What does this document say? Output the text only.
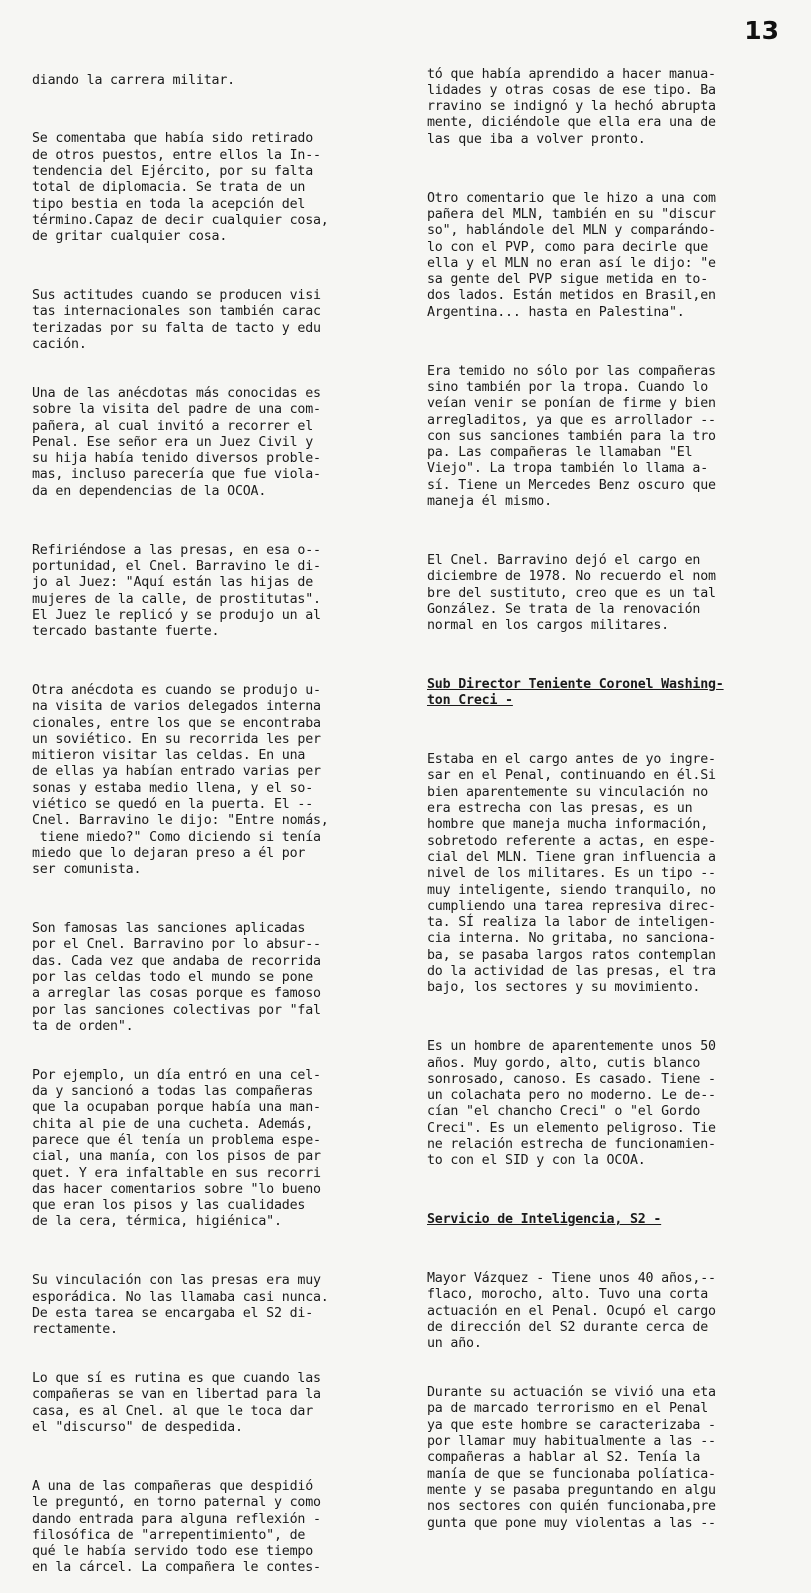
13

diando la carrera militar.

Se comentaba que había sido retirado
de otros puestos, entre ellos la In--
tendencia del Ejército, por su falta
total de diplomacia. Se trata de un
tipo bestia en toda la acepción del
término.Capaz de decir cualquier cosa,
de gritar cualquier cosa.

Sus actitudes cuando se producen visi
tas internacionales son también carac
terizadas por su falta de tacto y edu
cación.

Una de las anécdotas más conocidas es
sobre la visita del padre de una com-
pañera, al cual invitó a recorrer el
Penal. Ese señor era un Juez Civil y
su hija había tenido diversos proble-
mas, incluso parecería que fue viola-
da en dependencias de la OCOA.

Refiriéndose a las presas, en esa o--
portunidad, el Cnel. Barravino le di-
jo al Juez: "Aquí están las hijas de
mujeres de la calle, de prostitutas".
El Juez le replicó y se produjo un al
tercado bastante fuerte.

Otra anécdota es cuando se produjo u-
na visita de varios delegados interna
cionales, entre los que se encontraba
un soviético. En su recorrida les per
mitieron visitar las celdas. En una
de ellas ya habían entrado varias per
sonas y estaba medio llena, y el so-
viético se quedó en la puerta. El --
Cnel. Barravino le dijo: "Entre nomás,
tiene miedo?" Como diciendo si tenía
miedo que lo dejaran preso a él por
ser comunista.

Son famosas las sanciones aplicadas
por el Cnel. Barravino por lo absur--
das. Cada vez que andaba de recorrida
por las celdas todo el mundo se pone
a arreglar las cosas porque es famoso
por las sanciones colectivas por "fal
ta de orden".

Por ejemplo, un día entró en una cel-
da y sancionó a todas las compañeras
que la ocupaban porque había una man-
chita al pie de una cucheta. Además,
parece que él tenía un problema espe-
cial, una manía, con los pisos de par
quet. Y era infaltable en sus recorri
das hacer comentarios sobre "lo bueno
que eran los pisos y las cualidades
de la cera, térmica, higiénica".

Su vinculación con las presas era muy
esporádica. No las llamaba casi nunca.
De esta tarea se encargaba el S2 di-
rectamente.

Lo que sí es rutina es que cuando las
compañeras se van en libertad para la
casa, es al Cnel. al que le toca dar
el "discurso" de despedida.

A una de las compañeras que despidió
le preguntó, en torno paternal y como
dando entrada para alguna reflexión -
filosófica de "arrepentimiento", de
qué le había servido todo ese tiempo
en la cárcel. La compañera le contes-

tó que había aprendido a hacer manua-
lidades y otras cosas de ese tipo. Ba
rravino se indignó y la hechó abrupta
mente, diciéndole que ella era una de
las que iba a volver pronto.

Otro comentario que le hizo a una com
pañera del MLN, también en su "discur
so", hablándole del MLN y comparándo-
lo con el PVP, como para decirle que
ella y el MLN no eran así le dijo: "e
sa gente del PVP sigue metida en to-
dos lados. Están metidos en Brasil,en
Argentina... hasta en Palestina".

Era temido no sólo por las compañeras
sino también por la tropa. Cuando lo
veían venir se ponían de firme y bien
arregladitos, ya que es arrollador --
con sus sanciones también para la tro
pa. Las compañeras le llamaban "El
Viejo". La tropa también lo llama a-
sí. Tiene un Mercedes Benz oscuro que
maneja él mismo.

El Cnel. Barravino dejó el cargo en
diciembre de 1978. No recuerdo el nom
bre del sustituto, creo que es un tal
González. Se trata de la renovación
normal en los cargos militares.

Sub Director Teniente Coronel Washing-
ton Creci -

Estaba en el cargo antes de yo ingre-
sar en el Penal, continuando en él.Si
bien aparentemente su vinculación no
era estrecha con las presas, es un
hombre que maneja mucha información,
sobretodo referente a actas, en espe-
cial del MLN. Tiene gran influencia a
nivel de los militares. Es un tipo --
muy inteligente, siendo tranquilo, no
cumpliendo una tarea represiva direc-
ta. SÍ realiza la labor de inteligen-
cia interna. No gritaba, no sanciona-
ba, se pasaba largos ratos contemplan
do la actividad de las presas, el tra
bajo, los sectores y su movimiento.

Es un hombre de aparentemente unos 50
años. Muy gordo, alto, cutis blanco
sonrosado, canoso. Es casado. Tiene -
un colachata pero no moderno. Le de--
cían "el chancho Creci" o "el Gordo
Creci". Es un elemento peligroso. Tie
ne relación estrecha de funcionamien-
to con el SID y con la OCOA.

Servicio de Inteligencia, S2 -

Mayor Vázquez - Tiene unos 40 años,--
flaco, morocho, alto. Tuvo una corta
actuación en el Penal. Ocupó el cargo
de dirección del S2 durante cerca de
un año.

Durante su actuación se vivió una eta
pa de marcado terrorismo en el Penal
ya que este hombre se caracterizaba -
por llamar muy habitualmente a las --
compañeras a hablar al S2. Tenía la
manía de que se funcionaba políatica-
mente y se pasaba preguntando en algu
nos sectores con quién funcionaba,pre
gunta que pone muy violentas a las --
